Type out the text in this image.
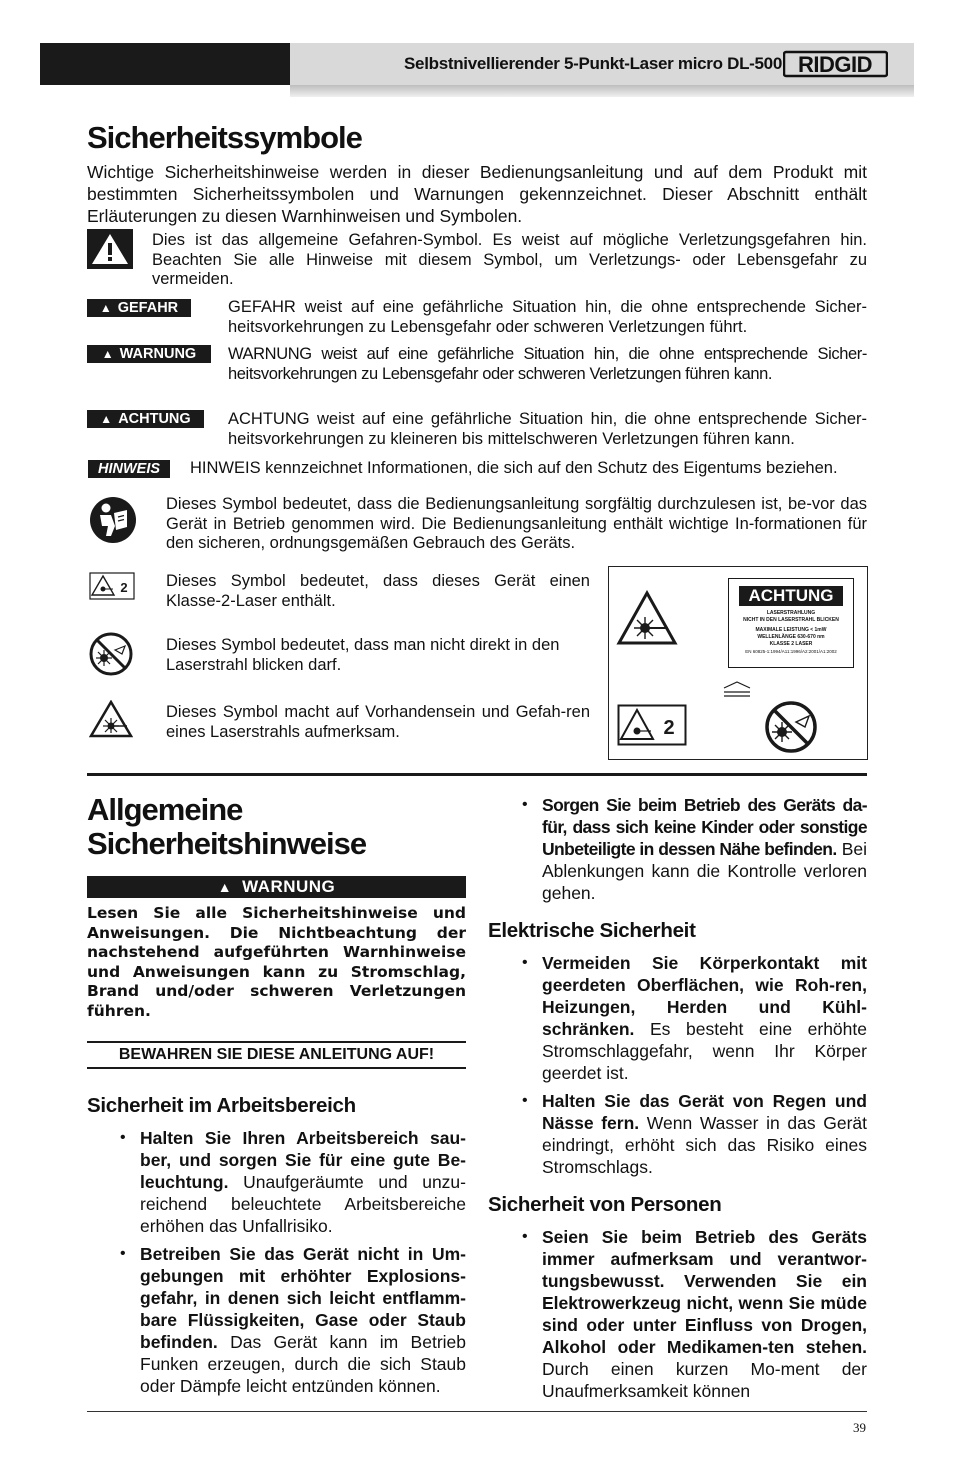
Selbstnivellierender 5-Punkt-Laser micro DL-500 RIDGID
Sicherheitssymbole
Wichtige Sicherheitshinweise werden in dieser Bedienungsanleitung und auf dem Produkt mit bestimmten Sicherheitssymbolen und Warnungen gekennzeichnet. Dieser Abschnitt enthält Erläuterungen zu diesen Warnhinweisen und Symbolen.
Dies ist das allgemeine Gefahren-Symbol. Es weist auf mögliche Verletzungsgefahren hin. Beachten Sie alle Hinweise mit diesem Symbol, um Verletzungs- oder Lebensgefahr zu vermeiden.
▲ GEFAHR	GEFAHR weist auf eine gefährliche Situation hin, die ohne entsprechende Sicher-heitsvorkehrungen zu Lebensgefahr oder schweren Verletzungen führt.
▲ WARNUNG	WARNUNG weist auf eine gefährliche Situation hin, die ohne entsprechende Sicher-heitsvorkehrungen zu Lebensgefahr oder schweren Verletzungen führen kann.
▲ ACHTUNG	ACHTUNG weist auf eine gefährliche Situation hin, die ohne entsprechende Sicher-heitsvorkehrungen zu kleineren bis mittelschweren Verletzungen führen kann.
HINWEIS	HINWEIS kennzeichnet Informationen, die sich auf den Schutz des Eigentums beziehen.
Dieses Symbol bedeutet, dass die Bedienungsanleitung sorgfältig durchzulesen ist, be-vor das Gerät in Betrieb genommen wird. Die Bedienungsanleitung enthält wichtige In-formationen für den sicheren, ordnungsgemäßen Gebrauch des Geräts.
2 Dieses Symbol bedeutet, dass dieses Gerät einen Klasse-2-Laser enthält.
Dieses Symbol bedeutet, dass man nicht direkt in den Laserstrahl blicken darf.
Dieses Symbol macht auf Vorhandensein und Gefah-ren eines Laserstrahls aufmerksam.
ACHTUNG
LASERSTRAHLUNG
NICHT IN DEN LASERSTRAHL BLICKEN
MAXIMALE LEISTUNG < 1mW
WELLENLÄNGE 630-670 nm
KLASSE 2 LASER
EN 60825-1:1994/A11:1996/A2:2001/A1:2002
2
Allgemeine
Sicherheitshinweise
▲ WARNUNG
Lesen Sie alle Sicherheitshinweise und Anweisungen. Die Nichtbeachtung der nachstehend aufgeführten Warnhinweise und Anweisungen kann zu Stromschlag, Brand und/oder schweren Verletzungen führen.
BEWAHREN SIE DIESE ANLEITUNG AUF!
Sicherheit im Arbeitsbereich
• Halten Sie Ihren Arbeitsbereich sau-ber, und sorgen Sie für eine gute Be-leuchtung. Unaufgeräumte und unzu-reichend beleuchtete Arbeitsbereiche erhöhen das Unfallrisiko.
• Betreiben Sie das Gerät nicht in Um-gebungen mit erhöhter Explosions-gefahr, in denen sich leicht entflamm-bare Flüssigkeiten, Gase oder Staub befinden. Das Gerät kann im Betrieb Funken erzeugen, durch die sich Staub oder Dämpfe leicht entzünden können.
• Sorgen Sie beim Betrieb des Geräts da-für, dass sich keine Kinder oder sonstige Unbeteiligte in dessen Nähe befinden. Bei Ablenkungen kann die Kontrolle verloren gehen.
Elektrische Sicherheit
• Vermeiden Sie Körperkontakt mit geerdeten Oberflächen, wie Roh-ren, Heizungen, Herden und Kühl-schränken. Es besteht eine erhöhte Stromschlaggefahr, wenn Ihr Körper geerdet ist.
• Halten Sie das Gerät von Regen und Nässe fern. Wenn Wasser in das Gerät eindringt, erhöht sich das Risiko eines Stromschlags.
Sicherheit von Personen
• Seien Sie beim Betrieb des Geräts immer aufmerksam und verantwor-tungsbewusst. Verwenden Sie ein Elektrowerkzeug nicht, wenn Sie müde sind oder unter Einfluss von Drogen, Alkohol oder Medikamen-ten stehen. Durch einen kurzen Mo-ment der Unaufmerksamkeit können
39
